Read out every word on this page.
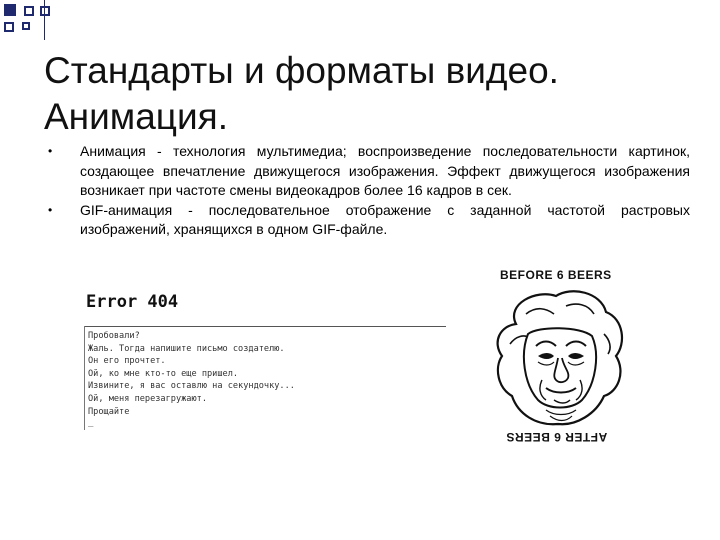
Стандарты и форматы видео.
Анимация.
• Анимация - технология мультимедиа; воспроизведение последовательности картинок, создающее впечатление движущегося изображения. Эффект движущегося изображения возникает при частоте смены видеокадров более 16 кадров в сек.
• GIF-анимация - последовательное отображение с заданной частотой растровых изображений, хранящихся в одном GIF-файле.
Error 404
Пробовали?
Жаль. Тогда напишите письмо создателю.
Он его прочтет.
Ой, ко мне кто-то еще пришел.
Извините, я вас оставлю на секундочку...
Ой, меня перезагружают.
Прощайте
_
BEFORE 6 BEERS
AFTER 6 BEERS
